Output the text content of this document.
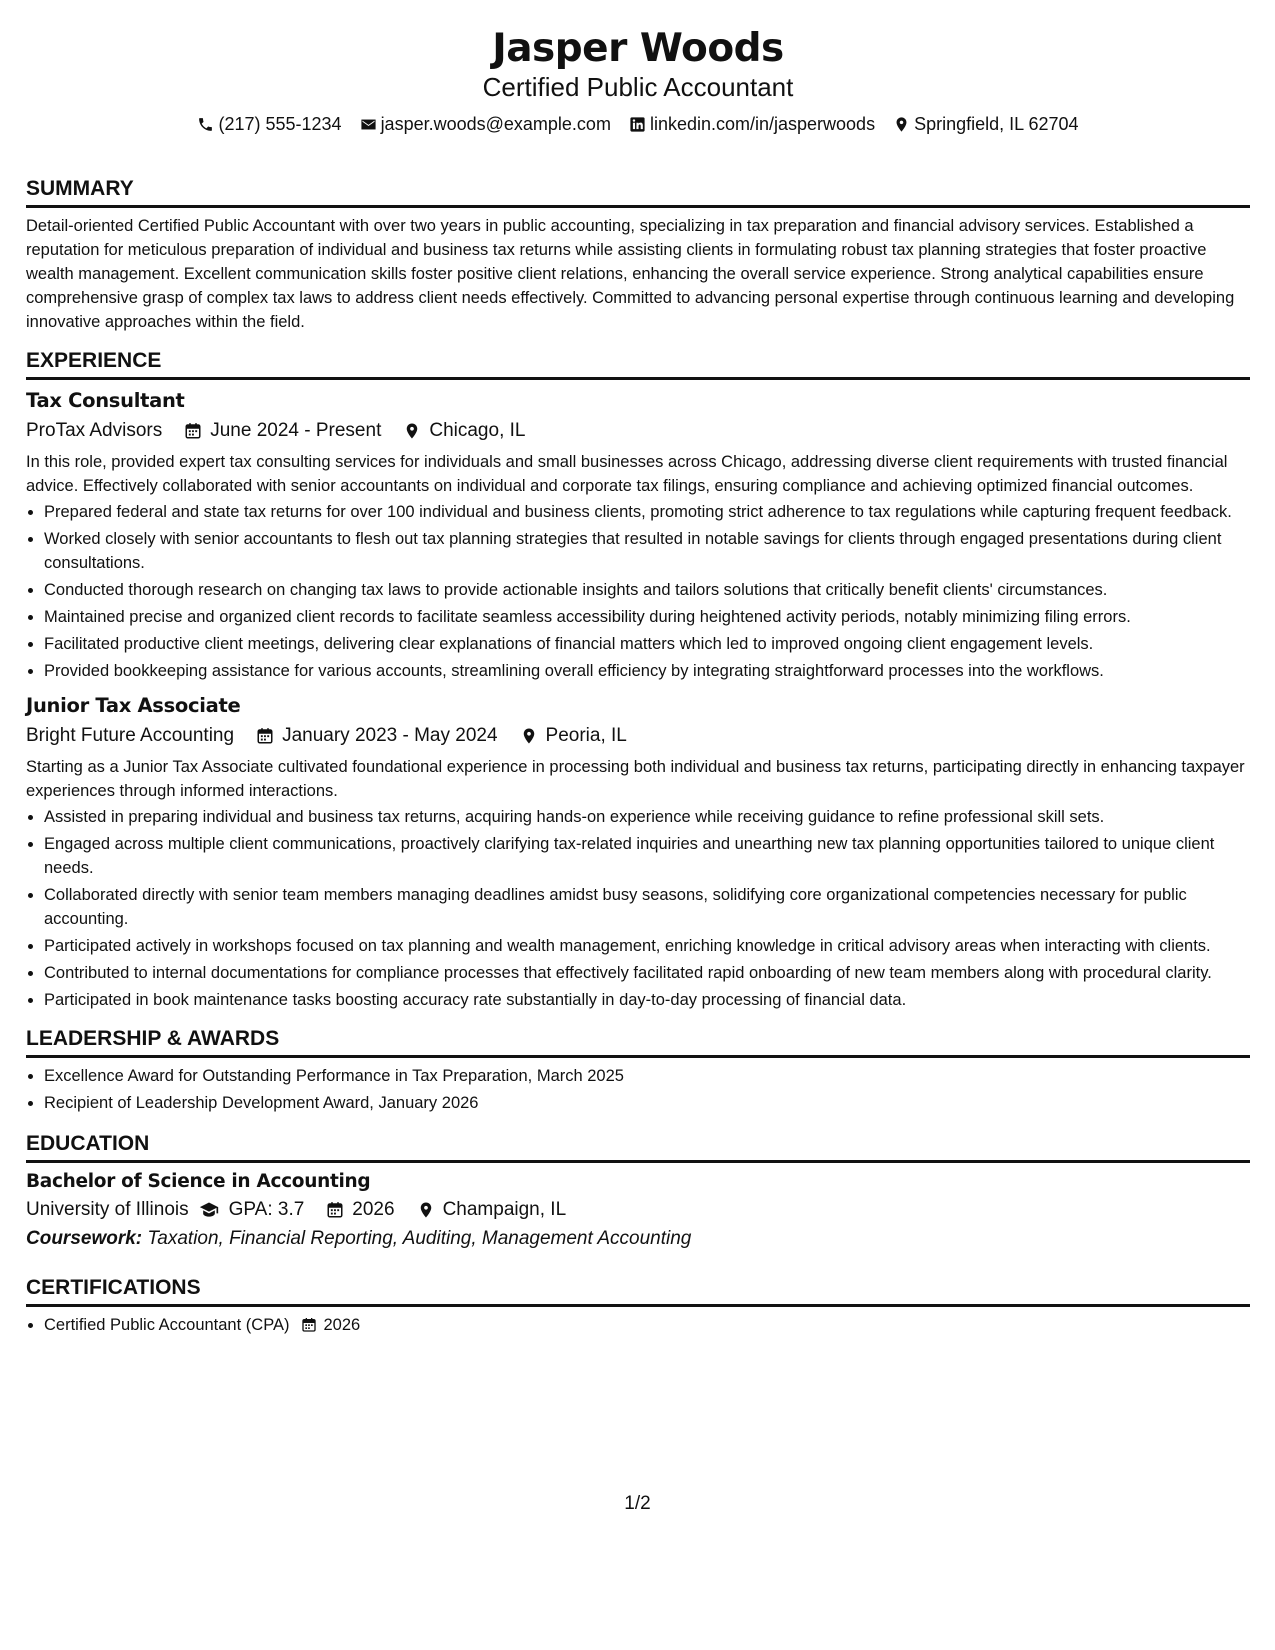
Jasper Woods
Certified Public Accountant
(217) 555-1234 jasper.woods@example.com linkedin.com/in/jasperwoods Springfield, IL 62704
SUMMARY
Detail-oriented Certified Public Accountant with over two years in public accounting, specializing in tax preparation and financial advisory services. Established a reputation for meticulous preparation of individual and business tax returns while assisting clients in formulating robust tax planning strategies that foster proactive wealth management. Excellent communication skills foster positive client relations, enhancing the overall service experience. Strong analytical capabilities ensure comprehensive grasp of complex tax laws to address client needs effectively. Committed to advancing personal expertise through continuous learning and developing innovative approaches within the field.
EXPERIENCE
Tax Consultant
ProTax Advisors	June 2024 - Present	Chicago, IL
In this role, provided expert tax consulting services for individuals and small businesses across Chicago, addressing diverse client requirements with trusted financial advice. Effectively collaborated with senior accountants on individual and corporate tax filings, ensuring compliance and achieving optimized financial outcomes.
• Prepared federal and state tax returns for over 100 individual and business clients, promoting strict adherence to tax regulations while capturing frequent feedback.
• Worked closely with senior accountants to flesh out tax planning strategies that resulted in notable savings for clients through engaged presentations during client consultations.
• Conducted thorough research on changing tax laws to provide actionable insights and tailors solutions that critically benefit clients' circumstances.
• Maintained precise and organized client records to facilitate seamless accessibility during heightened activity periods, notably minimizing filing errors.
• Facilitated productive client meetings, delivering clear explanations of financial matters which led to improved ongoing client engagement levels.
• Provided bookkeeping assistance for various accounts, streamlining overall efficiency by integrating straightforward processes into the workflows.
Junior Tax Associate
Bright Future Accounting	January 2023 - May 2024	Peoria, IL
Starting as a Junior Tax Associate cultivated foundational experience in processing both individual and business tax returns, participating directly in enhancing taxpayer experiences through informed interactions.
• Assisted in preparing individual and business tax returns, acquiring hands-on experience while receiving guidance to refine professional skill sets.
• Engaged across multiple client communications, proactively clarifying tax-related inquiries and unearthing new tax planning opportunities tailored to unique client needs.
• Collaborated directly with senior team members managing deadlines amidst busy seasons, solidifying core organizational competencies necessary for public accounting.
• Participated actively in workshops focused on tax planning and wealth management, enriching knowledge in critical advisory areas when interacting with clients.
• Contributed to internal documentations for compliance processes that effectively facilitated rapid onboarding of new team members along with procedural clarity.
• Participated in book maintenance tasks boosting accuracy rate substantially in day-to-day processing of financial data.
LEADERSHIP & AWARDS
• Excellence Award for Outstanding Performance in Tax Preparation, March 2025
• Recipient of Leadership Development Award, January 2026
EDUCATION
Bachelor of Science in Accounting
University of Illinois GPA: 3.7	2026	Champaign, IL
Coursework: Taxation, Financial Reporting, Auditing, Management Accounting
CERTIFICATIONS
• Certified Public Accountant (CPA) 2026
1/2
